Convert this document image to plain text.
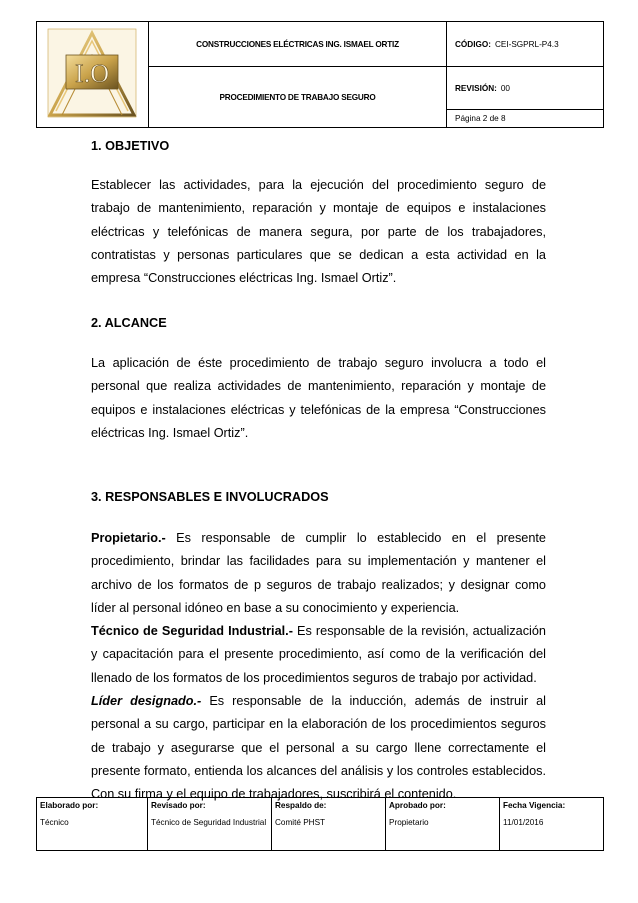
I.O
CONSTRUCCIONES ELÉCTRICAS ING. ISMAEL ORTIZ
PROCEDIMIENTO DE TRABAJO SEGURO
CÓDIGO: CEI-SGPRL-P4.3
REVISIÓN: 00
Página 2 de 8
1. OBJETIVO
Establecer las actividades, para la ejecución del procedimiento seguro de trabajo de mantenimiento, reparación y montaje de equipos e instalaciones eléctricas y telefónicas de manera segura, por parte de los trabajadores, contratistas y personas particulares que se dedican a esta actividad en la empresa “Construcciones eléctricas Ing. Ismael Ortiz”.
2. ALCANCE
La aplicación de éste procedimiento de trabajo seguro involucra a todo el personal que realiza actividades de mantenimiento, reparación y montaje de equipos e instalaciones eléctricas y telefónicas de la empresa “Construcciones eléctricas Ing. Ismael Ortiz”.
3. RESPONSABLES E INVOLUCRADOS
Propietario.- Es responsable de cumplir lo establecido en el presente procedimiento, brindar las facilidades para su implementación y mantener el archivo de los formatos de p seguros de trabajo realizados; y designar como líder al personal idóneo en base a su conocimiento y experiencia.
Técnico de Seguridad Industrial.- Es responsable de la revisión, actualización y capacitación para el presente procedimiento, así como de la verificación del llenado de los formatos de los procedimientos seguros de trabajo por actividad.
Líder designado.- Es responsable de la inducción, además de instruir al personal a su cargo, participar en la elaboración de los procedimientos seguros de trabajo y asegurarse que el personal a su cargo llene correctamente el presente formato, entienda los alcances del análisis y los controles establecidos. Con su firma y el equipo de trabajadores, suscribirá el contenido.
Elaborado por:
Técnico
Revisado por:
Técnico de Seguridad Industrial
Respaldo de:
Comité PHST
Aprobado por:
Propietario
Fecha Vigencia:
11/01/2016
